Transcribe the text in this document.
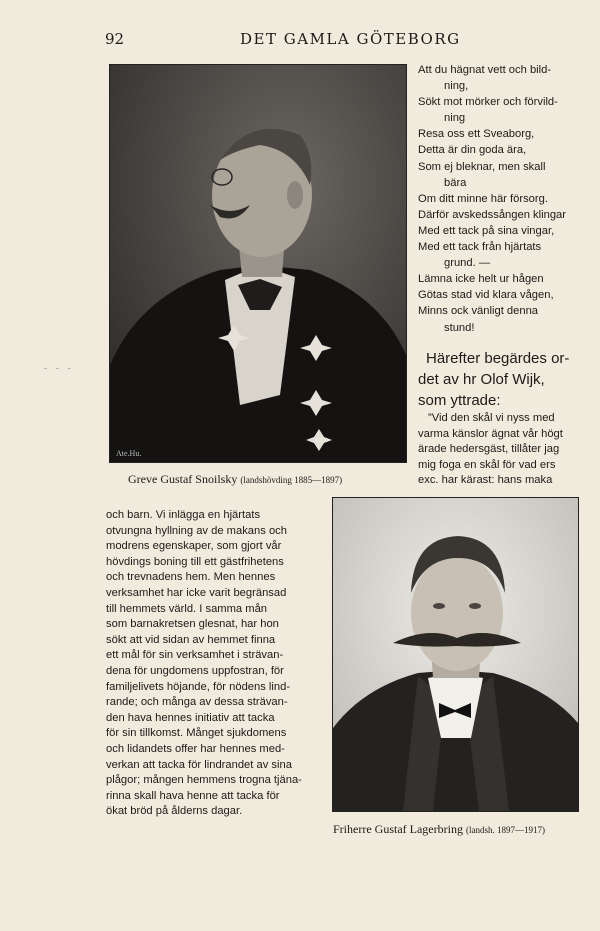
92	DET GAMLA GÖTEBORG
- - -
Ate.Hu.
Greve Gustaf Snoilsky (landshövding 1885—1897)
Att du hägnat vett och bild-
ning,
Sökt mot mörker och förvild-
ning
Resa oss ett Sveaborg,
Detta är din goda ära,
Som ej bleknar, men skall
bära
Om ditt minne här försorg.
Därför avskedssången klingar
Med ett tack på sina vingar,
Med ett tack från hjärtats
grund. —
Lämna icke helt ur hågen
Götas stad vid klara vågen,
Minns ock vänligt denna
stund!
Härefter begärdes or-
det av hr Olof Wijk,
som yttrade:
”Vid den skål vi nyss med
varma känslor ägnat vår högt
ärade hedersgäst, tillåter jag
mig foga en skål för vad ers
exc. har kärast: hans maka
och barn. Vi inlägga en hjärtats
otvungna hyllning av de makans och
modrens egenskaper, som gjort vår
hövdings boning till ett gästfrihetens
och trevnadens hem. Men hennes
verksamhet har icke varit begränsad
till hemmets värld. I samma mån
som barnakretsen glesnat, har hon
sökt att vid sidan av hemmet finna
ett mål för sin verksamhet i strävan-
dena för ungdomens uppfostran, för
familjelivets höjande, för nödens lind-
rande; och många av dessa strävan-
den hava hennes initiativ att tacka
för sin tillkomst. Månget sjukdomens
och lidandets offer har hennes med-
verkan att tacka för lindrandet av sina
plågor; mången hemmens trogna tjäna-
rinna skall hava henne att tacka för
ökat bröd på ålderns dagar.
Friherre Gustaf Lagerbring (landsh. 1897—1917)
